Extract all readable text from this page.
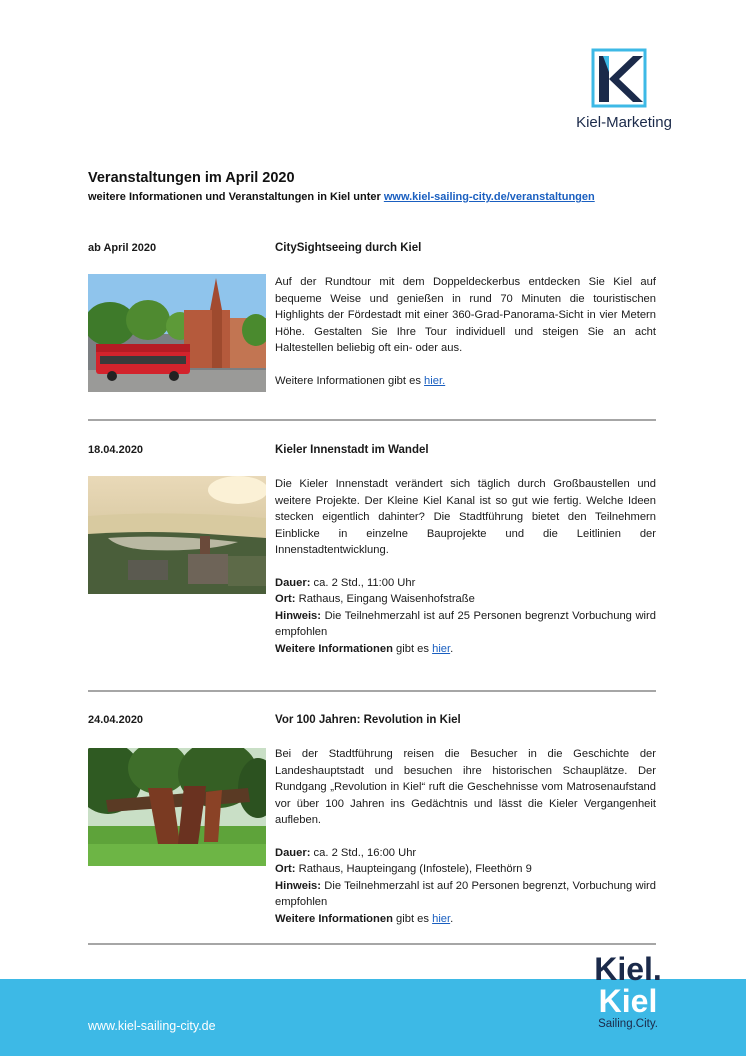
Kiel-Marketing
Veranstaltungen im April 2020
weitere Informationen und Veranstaltungen in Kiel unter www.kiel-sailing-city.de/veranstaltungen
ab April 2020	CitySightseeing durch Kiel

Auf der Rundtour mit dem Doppeldeckerbus entdecken Sie Kiel auf bequeme Weise und genießen in rund 70 Minuten die touristischen Highlights der Fördestadt mit einer 360-Grad-Panorama-Sicht in vier Metern Höhe. Gestalten Sie Ihre Tour individuell und steigen Sie an acht Haltestellen beliebig oft ein- oder aus.

Weitere Informationen gibt es hier.

18.04.2020	Kieler Innenstadt im Wandel

Die Kieler Innenstadt verändert sich täglich durch Großbaustellen und weitere Projekte. Der Kleine Kiel Kanal ist so gut wie fertig. Welche Ideen stecken eigentlich dahinter? Die Stadtführung bietet den Teilnehmern Einblicke in einzelne Bauprojekte und die Leitlinien der Innenstadtentwicklung.

Dauer: ca. 2 Std., 11:00 Uhr

Ort: Rathaus, Eingang Waisenhofstraße

Hinweis: Die Teilnehmerzahl ist auf 25 Personen begrenzt Vorbuchung wird empfohlen

Weitere Informationen gibt es hier.

24.04.2020	Vor 100 Jahren: Revolution in Kiel

Bei der Stadtführung reisen die Besucher in die Geschichte der Landeshauptstadt und besuchen ihre historischen Schauplätze. Der Rundgang „Revolution in Kiel“ ruft die Geschehnisse vom Matrosenaufstand vor über 100 Jahren ins Gedächtnis und lässt die Kieler Vergangenheit aufleben.

Dauer: ca. 2 Std., 16:00 Uhr

Ort: Rathaus, Haupteingang (Infostele), Fleethörn 9

Hinweis: Die Teilnehmerzahl ist auf 20 Personen begrenzt, Vorbuchung wird empfohlen

Weitere Informationen gibt es hier.

www.kiel-sailing-city.de
Kiel.
Kiel
Sailing.City.
